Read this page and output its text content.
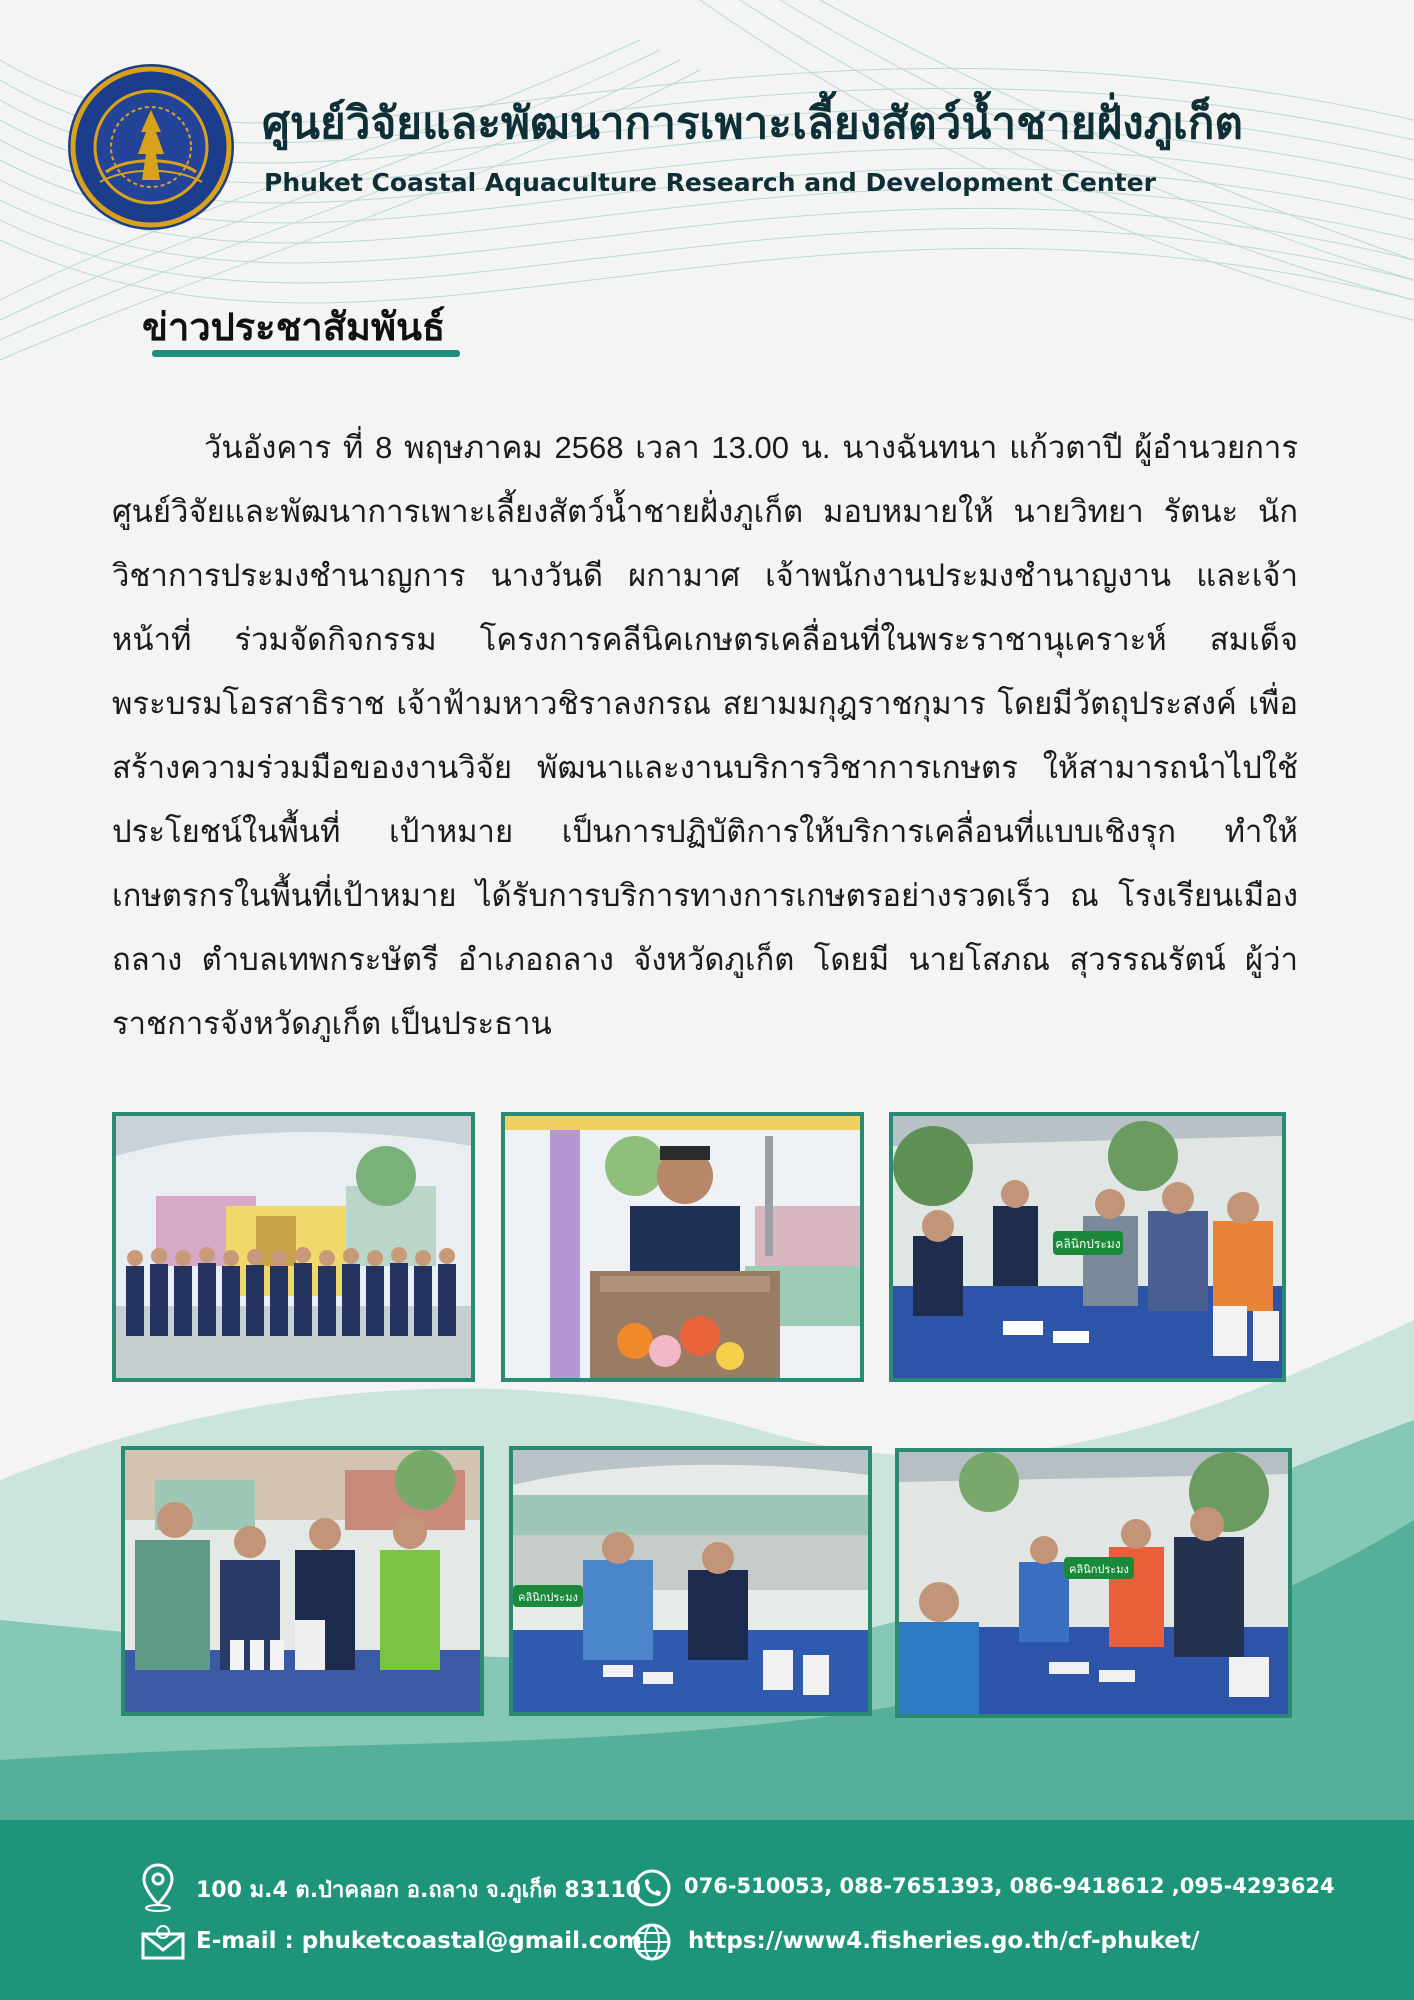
ศูนย์วิจัยและพัฒนาการเพาะเลี้ยงสัตว์น้ำชายฝั่งภูเก็ต

Phuket Coastal Aquaculture Research and Development Center

ข่าวประชาสัมพันธ์

วันอังคาร ที่ 8 พฤษภาคม 2568 เวลา 13.00 น. นางฉันทนา แก้วตาปี ผู้อำนวยการศูนย์วิจัยและพัฒนาการเพาะเลี้ยงสัตว์น้ำชายฝั่งภูเก็ต มอบหมายให้ นายวิทยา รัตนะ นักวิชาการประมงชำนาญการ นางวันดี ผกามาศ เจ้าพนักงานประมงชำนาญงาน และเจ้าหน้าที่ ร่วมจัดกิจกรรม โครงการคลีนิคเกษตรเคลื่อนที่ในพระราชานุเคราะห์ สมเด็จพระบรมโอรสาธิราช เจ้าฟ้ามหาวชิราลงกรณ สยามมกุฎราชกุมาร โดยมีวัตถุประสงค์ เพื่อสร้างความร่วมมือของงานวิจัย พัฒนาและงานบริการวิชาการเกษตร ให้สามารถนำไปใช้ประโยชน์ในพื้นที่ เป้าหมาย เป็นการปฏิบัติการให้บริการเคลื่อนที่แบบเชิงรุก ทำให้เกษตรกรในพื้นที่เป้าหมาย ได้รับการบริการทางการเกษตรอย่างรวดเร็ว ณ โรงเรียนเมืองถลาง ตำบลเทพกระษัตรี อำเภอถลาง จังหวัดภูเก็ต โดยมี นายโสภณ สุวรรณรัตน์ ผู้ว่าราชการจังหวัดภูเก็ต เป็นประธาน

คลินิกประมง
คลินิกประมง
คลินิกประมง

100 ม.4 ต.ป่าคลอก อ.ถลาง จ.ภูเก็ต 83110 076-510053, 088-7651393, 086-9418612 ,095-4293624

E-mail : phuketcoastal@gmail.com https://www4.fisheries.go.th/cf-phuket/
